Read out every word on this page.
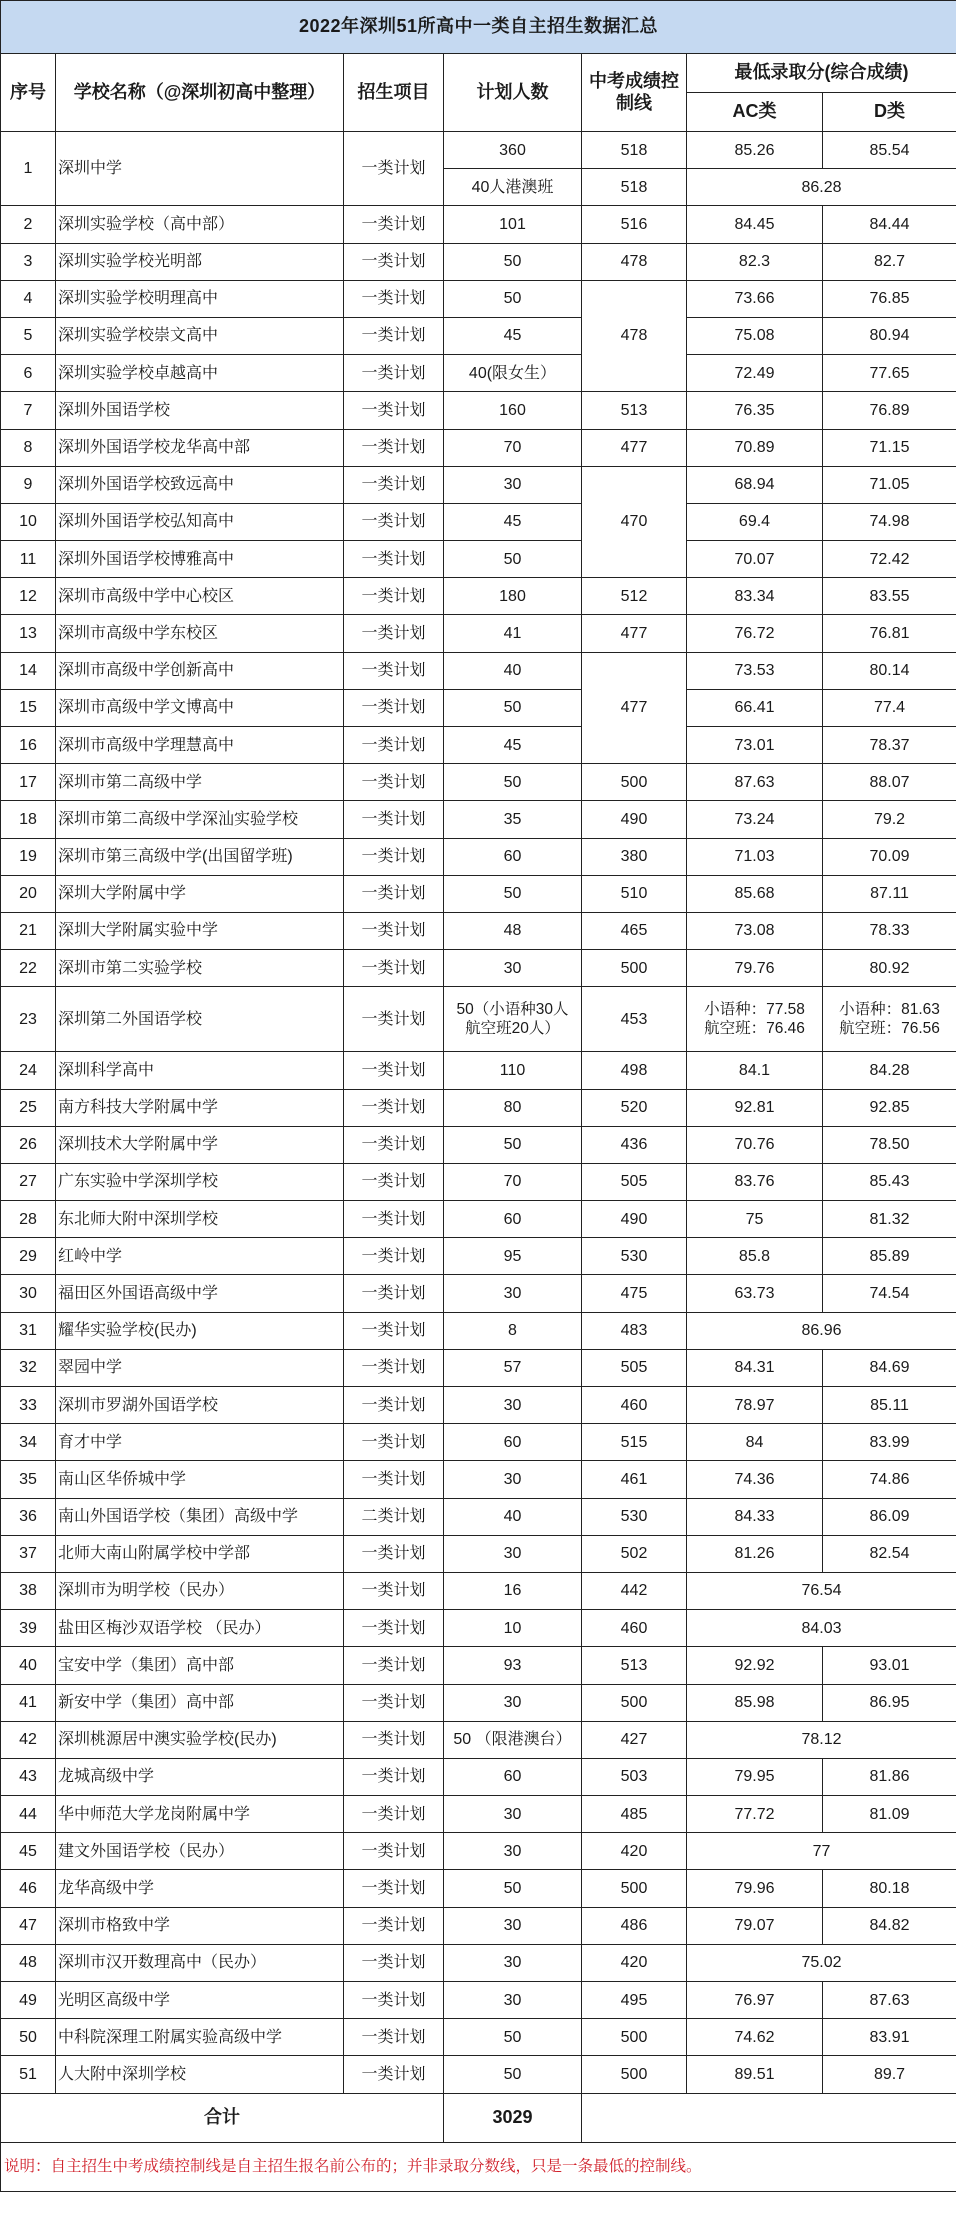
2022年深圳51所高中一类自主招生数据汇总						
序号	学校名称（@深圳初高中整理）	招生项目	计划人数	中考成绩控制线	最低录取分(综合成绩)	
					AC类	D类
1	深圳中学	一类计划	360	518	85.26	85.54
			40人港澳班	518	86.28	
2	深圳实验学校（高中部）	一类计划	101	516	84.45	84.44
3	深圳实验学校光明部	一类计划	50	478	82.3	82.7
4	深圳实验学校明理高中	一类计划	50	478	73.66	76.85
5	深圳实验学校崇文高中	一类计划	45		75.08	80.94
6	深圳实验学校卓越高中	一类计划	40(限女生）		72.49	77.65
7	深圳外国语学校	一类计划	160	513	76.35	76.89
8	深圳外国语学校龙华高中部	一类计划	70	477	70.89	71.15
9	深圳外国语学校致远高中	一类计划	30	470	68.94	71.05
10	深圳外国语学校弘知高中	一类计划	45		69.4	74.98
11	深圳外国语学校博雅高中	一类计划	50		70.07	72.42
12	深圳市高级中学中心校区	一类计划	180	512	83.34	83.55
13	深圳市高级中学东校区	一类计划	41	477	76.72	76.81
14	深圳市高级中学创新高中	一类计划	40	477	73.53	80.14
15	深圳市高级中学文博高中	一类计划	50		66.41	77.4
16	深圳市高级中学理慧高中	一类计划	45		73.01	78.37
17	深圳市第二高级中学	一类计划	50	500	87.63	88.07
18	深圳市第二高级中学深汕实验学校	一类计划	35	490	73.24	79.2
19	深圳市第三高级中学(出国留学班)	一类计划	60	380	71.03	70.09
20	深圳大学附属中学	一类计划	50	510	85.68	87.11
21	深圳大学附属实验中学	一类计划	48	465	73.08	78.33
22	深圳市第二实验学校	一类计划	30	500	79.76	80.92
23	深圳第二外国语学校	一类计划	50（小语种30人
航空班20人）	453	小语种：77.58
航空班：76.46	小语种：81.63
航空班：76.56
24	深圳科学高中	一类计划	110	498	84.1	84.28
25	南方科技大学附属中学	一类计划	80	520	92.81	92.85
26	深圳技术大学附属中学	一类计划	50	436	70.76	78.50
27	广东实验中学深圳学校	一类计划	70	505	83.76	85.43
28	东北师大附中深圳学校	一类计划	60	490	75	81.32
29	红岭中学	一类计划	95	530	85.8	85.89
30	福田区外国语高级中学	一类计划	30	475	63.73	74.54
31	耀华实验学校(民办)	一类计划	8	483	86.96	
32	翠园中学	一类计划	57	505	84.31	84.69
33	深圳市罗湖外国语学校	一类计划	30	460	78.97	85.11
34	育才中学	一类计划	60	515	84	83.99
35	南山区华侨城中学	一类计划	30	461	74.36	74.86
36	南山外国语学校（集团）高级中学	二类计划	40	530	84.33	86.09
37	北师大南山附属学校中学部	一类计划	30	502	81.26	82.54
38	深圳市为明学校（民办）	一类计划	16	442	76.54	
39	盐田区梅沙双语学校 （民办）	一类计划	10	460	84.03	
40	宝安中学（集团）高中部	一类计划	93	513	92.92	93.01
41	新安中学（集团）高中部	一类计划	30	500	85.98	86.95
42	深圳桃源居中澳实验学校(民办)	一类计划	50 （限港澳台）	427	78.12	
43	龙城高级中学	一类计划	60	503	79.95	81.86
44	华中师范大学龙岗附属中学	一类计划	30	485	77.72	81.09
45	建文外国语学校（民办）	一类计划	30	420	77	
46	龙华高级中学	一类计划	50	500	79.96	80.18
47	深圳市格致中学	一类计划	30	486	79.07	84.82
48	深圳市汉开数理高中（民办）	一类计划	30	420	75.02	
49	光明区高级中学	一类计划	30	495	76.97	87.63
50	中科院深理工附属实验高级中学	一类计划	50	500	74.62	83.91
51	人大附中深圳学校	一类计划	50	500	89.51	89.7
合计			3029			
说明：自主招生中考成绩控制线是自主招生报名前公布的；并非录取分数线，只是一条最低的控制线。						
